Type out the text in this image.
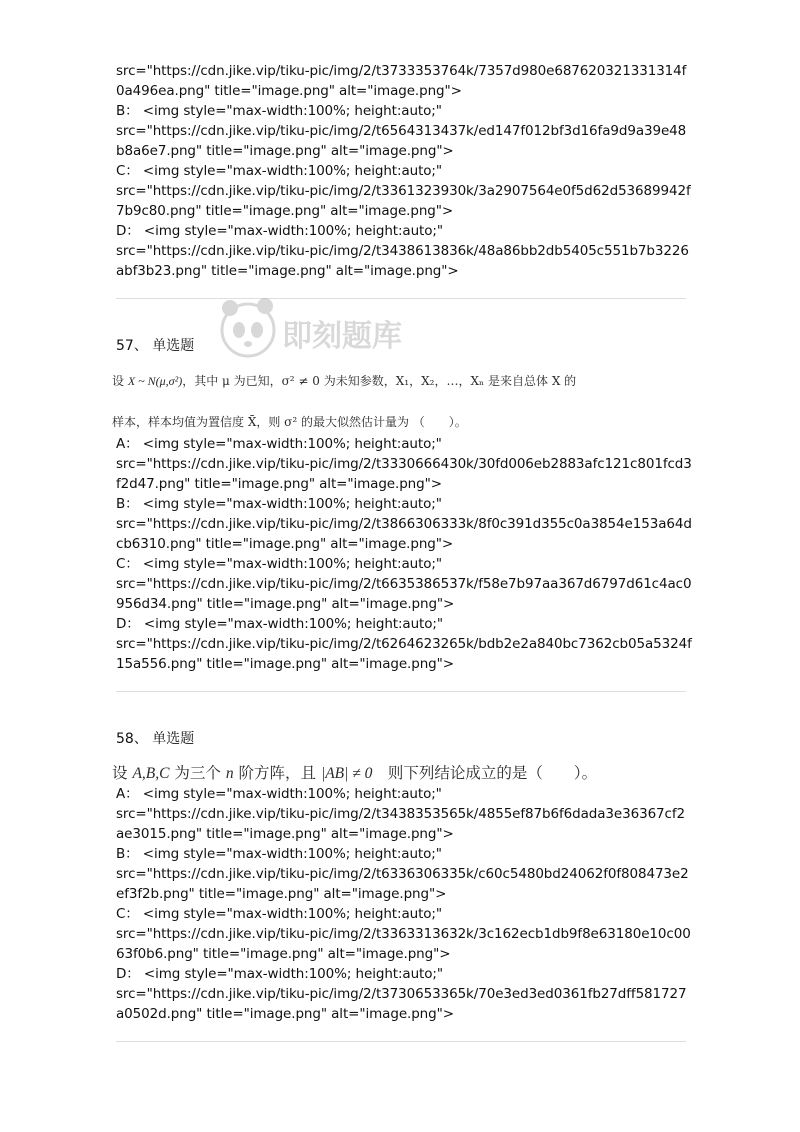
src="https://cdn.jike.vip/tiku-pic/img/2/t3733353764k/7357d980e687620321331314f
0a496ea.png" title="image.png" alt="image.png">
B： <img style="max-width:100%; height:auto;"
src="https://cdn.jike.vip/tiku-pic/img/2/t6564313437k/ed147f012bf3d16fa9d9a39e48
b8a6e7.png" title="image.png" alt="image.png">
C： <img style="max-width:100%; height:auto;"
src="https://cdn.jike.vip/tiku-pic/img/2/t3361323930k/3a2907564e0f5d62d53689942f
7b9c80.png" title="image.png" alt="image.png">
D： <img style="max-width:100%; height:auto;"
src="https://cdn.jike.vip/tiku-pic/img/2/t3438613836k/48a86bb2db5405c551b7b3226
abf3b23.png" title="image.png" alt="image.png">
57、 单选题
设 X ~ N(μ,σ²)，其中 μ 为已知，σ² ≠ 0 为未知参数，X₁，X₂，…，Xₙ 是来自总体 X 的
样本，样本均值为置信度 X̄，则 σ² 的最大似然估计量为 （　　）。
A： <img style="max-width:100%; height:auto;"
src="https://cdn.jike.vip/tiku-pic/img/2/t3330666430k/30fd006eb2883afc121c801fcd3
f2d47.png" title="image.png" alt="image.png">
B： <img style="max-width:100%; height:auto;"
src="https://cdn.jike.vip/tiku-pic/img/2/t3866306333k/8f0c391d355c0a3854e153a64d
cb6310.png" title="image.png" alt="image.png">
C： <img style="max-width:100%; height:auto;"
src="https://cdn.jike.vip/tiku-pic/img/2/t6635386537k/f58e7b97aa367d6797d61c4ac0
956d34.png" title="image.png" alt="image.png">
D： <img style="max-width:100%; height:auto;"
src="https://cdn.jike.vip/tiku-pic/img/2/t6264623265k/bdb2e2a840bc7362cb05a5324f
15a556.png" title="image.png" alt="image.png">
58、 单选题
设 A,B,C 为三个 n 阶方阵，且 |AB| ≠ 0　则下列结论成立的是（　　）。
A： <img style="max-width:100%; height:auto;"
src="https://cdn.jike.vip/tiku-pic/img/2/t3438353565k/4855ef87b6f6dada3e36367cf2
ae3015.png" title="image.png" alt="image.png">
B： <img style="max-width:100%; height:auto;"
src="https://cdn.jike.vip/tiku-pic/img/2/t6336306335k/c60c5480bd24062f0f808473e2
ef3f2b.png" title="image.png" alt="image.png">
C： <img style="max-width:100%; height:auto;"
src="https://cdn.jike.vip/tiku-pic/img/2/t3363313632k/3c162ecb1db9f8e63180e10c00
63f0b6.png" title="image.png" alt="image.png">
D： <img style="max-width:100%; height:auto;"
src="https://cdn.jike.vip/tiku-pic/img/2/t3730653365k/70e3ed3ed0361fb27dff581727
a0502d.png" title="image.png" alt="image.png">
即刻题库
